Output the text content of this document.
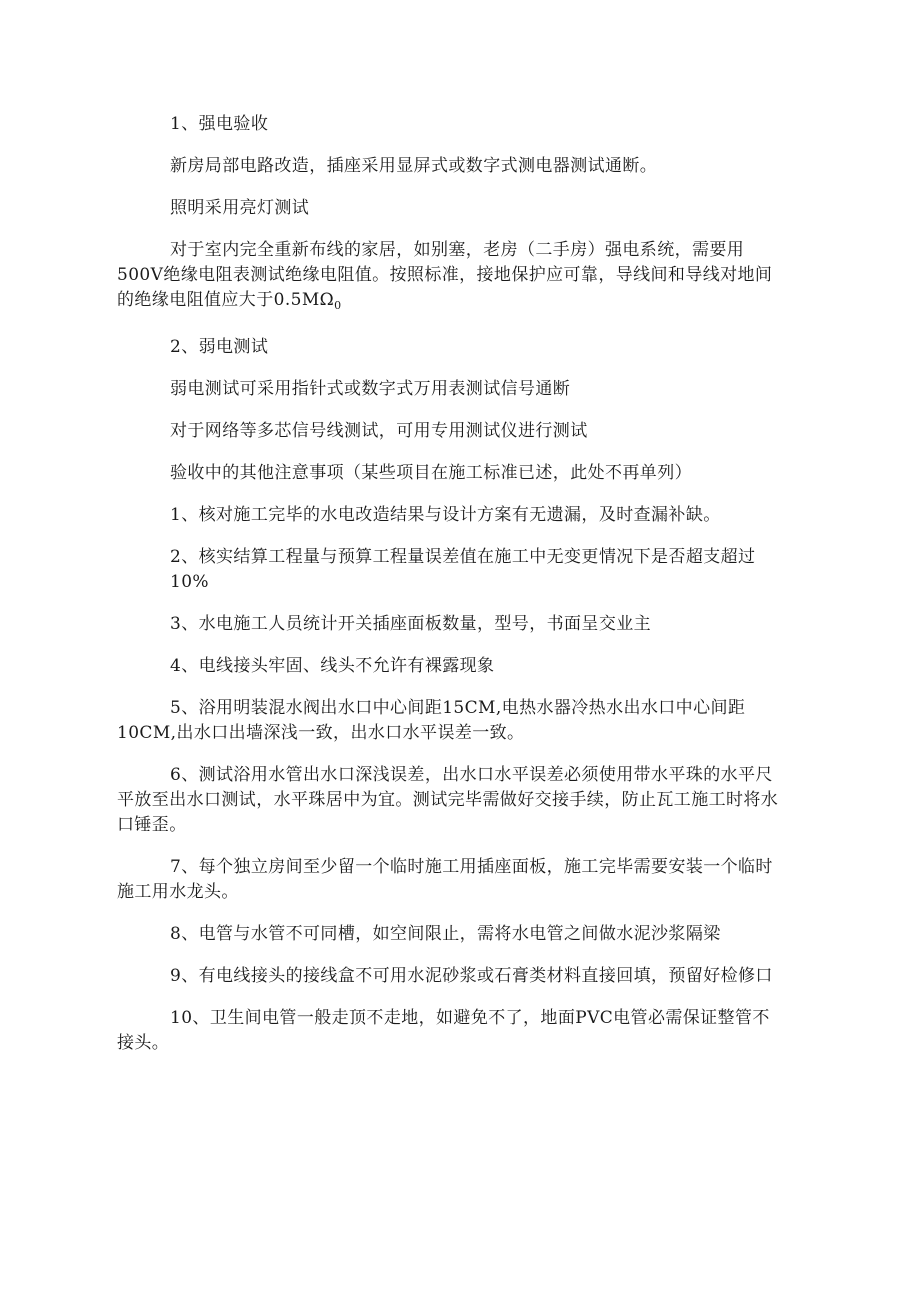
1、强电验收

新房局部电路改造，插座采用显屏式或数字式测电器测试通断。

照明采用亮灯测试

对于室内完全重新布线的家居，如别塞，老房（二手房）强电系统，需要用500V绝缘电阻表测试绝缘电阻值。按照标准，接地保护应可靠，导线间和导线对地间的绝缘电阻值应大于$0.5M\Omega_0$

2、弱电测试

弱电测试可采用指针式或数字式万用表测试信号通断

对于网络等多芯信号线测试，可用专用测试仪进行测试

验收中的其他注意事项（某些项目在施工标准已述，此处不再单列）

1、核对施工完毕的水电改造结果与设计方案有无遗漏，及时查漏补缺。

2、核实结算工程量与预算工程量误差值在施工中无变更情况下是否超支超过10%

3、水电施工人员统计开关插座面板数量，型号，书面呈交业主

4、电线接头牢固、线头不允许有裸露现象

5、浴用明装混水阀出水口中心间距15CM,电热水器冷热水出水口中心间距10CM,出水口出墙深浅一致，出水口水平误差一致。

6、测试浴用水管出水口深浅误差，出水口水平误差必须使用带水平珠的水平尺平放至出水口测试，水平珠居中为宜。测试完毕需做好交接手续，防止瓦工施工时将水口锤歪。

7、每个独立房间至少留一个临时施工用插座面板，施工完毕需要安装一个临时施工用水龙头。

8、电管与水管不可同槽，如空间限止，需将水电管之间做水泥沙浆隔梁

9、有电线接头的接线盒不可用水泥砂浆或石膏类材料直接回填，预留好检修口

10、卫生间电管一般走顶不走地，如避免不了，地面PVC电管必需保证整管不接头。
